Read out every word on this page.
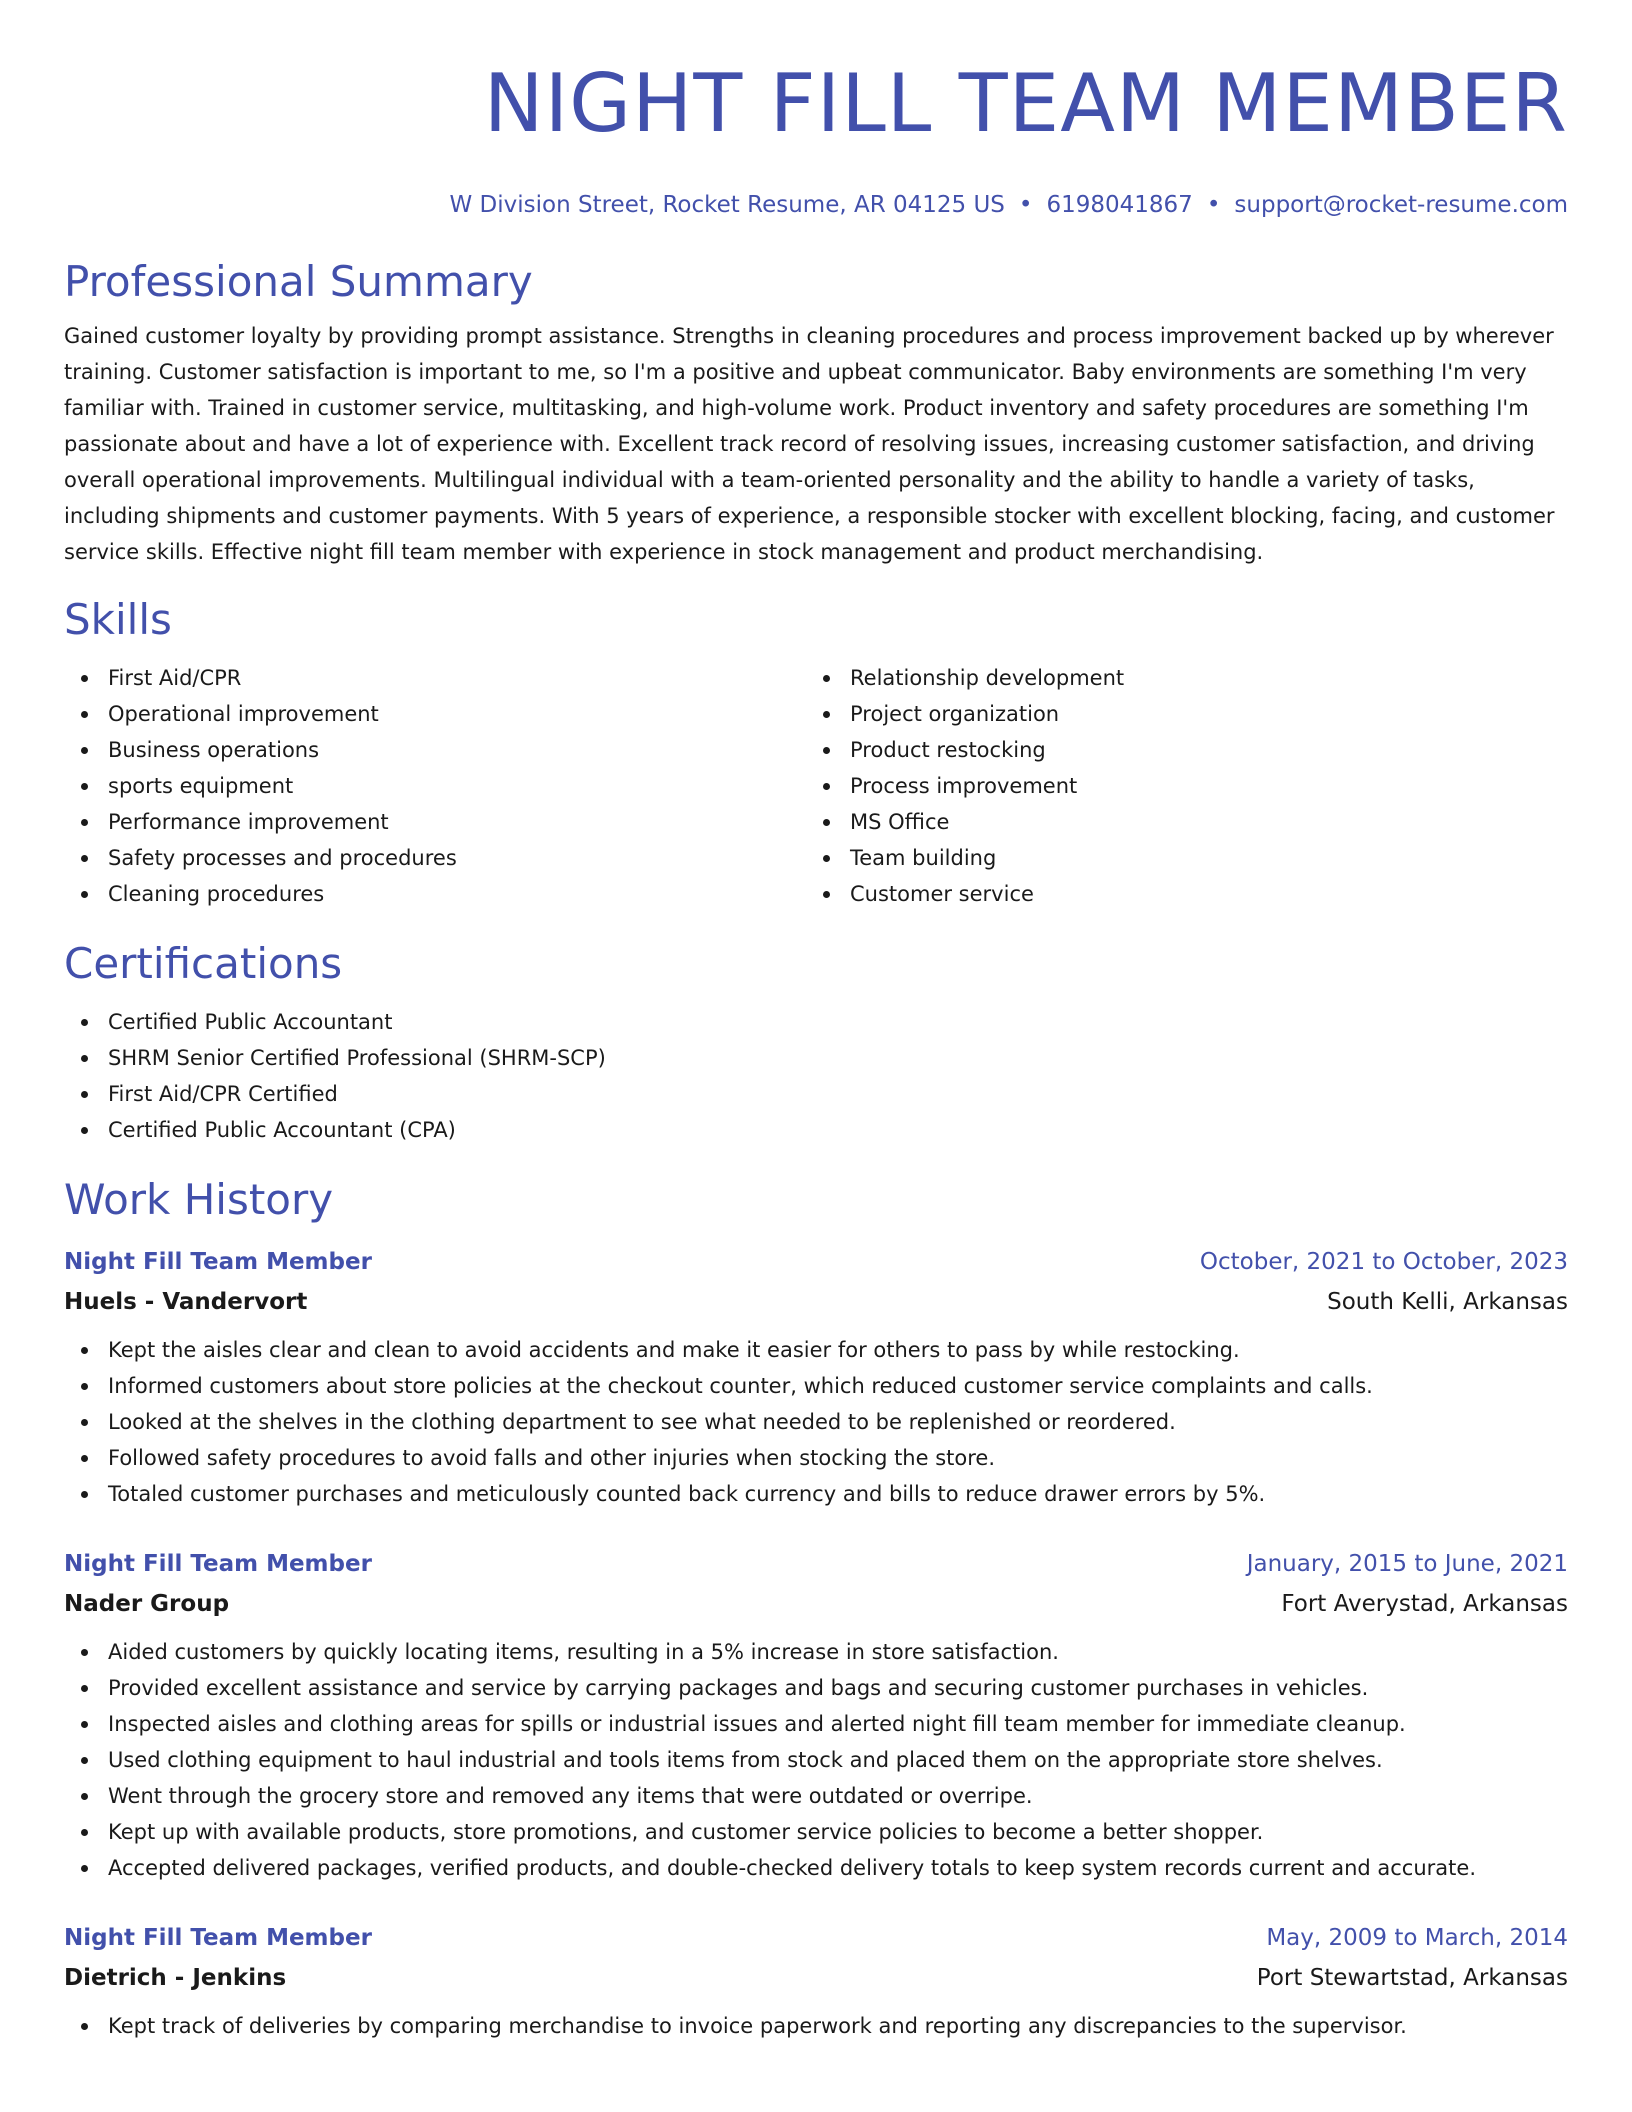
NIGHT FILL TEAM MEMBER
W Division Street, Rocket Resume, AR 04125 US • 6198041867 • support@rocket-resume.com
Professional Summary

Gained customer loyalty by providing prompt assistance. Strengths in cleaning procedures and process improvement backed up by wherever training. Customer satisfaction is important to me, so I'm a positive and upbeat communicator. Baby environments are something I'm very familiar with. Trained in customer service, multitasking, and high-volume work. Product inventory and safety procedures are something I'm passionate about and have a lot of experience with. Excellent track record of resolving issues, increasing customer satisfaction, and driving overall operational improvements. Multilingual individual with a team-oriented personality and the ability to handle a variety of tasks, including shipments and customer payments. With 5 years of experience, a responsible stocker with excellent blocking, facing, and customer service skills. Effective night fill team member with experience in stock management and product merchandising.

Skills
First Aid/CPR
Operational improvement
Business operations
sports equipment
Performance improvement
Safety processes and procedures
Cleaning procedures
Relationship development
Project organization
Product restocking
Process improvement
MS Office
Team building
Customer service
Certifications
Certified Public Accountant
SHRM Senior Certified Professional (SHRM-SCP)
First Aid/CPR Certified
Certified Public Accountant (CPA)
Work History
Night Fill Team Member	October, 2021 to October, 2023
Huels - Vandervort	South Kelli, Arkansas
Kept the aisles clear and clean to avoid accidents and make it easier for others to pass by while restocking.
Informed customers about store policies at the checkout counter, which reduced customer service complaints and calls.
Looked at the shelves in the clothing department to see what needed to be replenished or reordered.
Followed safety procedures to avoid falls and other injuries when stocking the store.
Totaled customer purchases and meticulously counted back currency and bills to reduce drawer errors by 5%.
Night Fill Team Member	January, 2015 to June, 2021
Nader Group	Fort Averystad, Arkansas
Aided customers by quickly locating items, resulting in a 5% increase in store satisfaction.
Provided excellent assistance and service by carrying packages and bags and securing customer purchases in vehicles.
Inspected aisles and clothing areas for spills or industrial issues and alerted night fill team member for immediate cleanup.
Used clothing equipment to haul industrial and tools items from stock and placed them on the appropriate store shelves.
Went through the grocery store and removed any items that were outdated or overripe.
Kept up with available products, store promotions, and customer service policies to become a better shopper.
Accepted delivered packages, verified products, and double-checked delivery totals to keep system records current and accurate.
Night Fill Team Member	May, 2009 to March, 2014
Dietrich - Jenkins	Port Stewartstad, Arkansas
Kept track of deliveries by comparing merchandise to invoice paperwork and reporting any discrepancies to the supervisor.
